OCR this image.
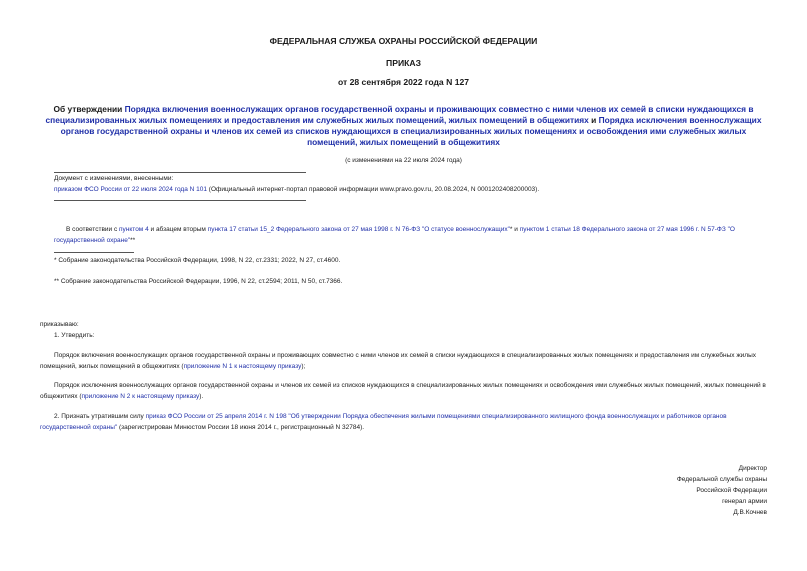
ФЕДЕРАЛЬНАЯ СЛУЖБА ОХРАНЫ РОССИЙСКОЙ ФЕДЕРАЦИИ
ПРИКАЗ
от 28 сентября 2022 года N 127
Об утверждении Порядка включения военнослужащих органов государственной охраны и проживающих совместно с ними членов их семей в списки нуждающихся в специализированных жилых помещениях и предоставления им служебных жилых помещений, жилых помещений в общежитиях и Порядка исключения военнослужащих органов государственной охраны и членов их семей из списков нуждающихся в специализированных жилых помещениях и освобождения ими служебных жилых помещений, жилых помещений в общежитиях
(с изменениями на 22 июля 2024 года)
Документ с изменениями, внесенными:
приказом ФСО России от 22 июля 2024 года N 101 (Официальный интернет-портал правовой информации www.pravo.gov.ru, 20.08.2024, N 0001202408200003).
В соответствии с пунктом 4 и абзацем вторым пункта 17 статьи 15_2 Федерального закона от 27 мая 1998 г. N 76-ФЗ "О статусе военнослужащих"* и пунктом 1 статьи 18 Федерального закона от 27 мая 1996 г. N 57-ФЗ "О государственной охране"**
* Собрание законодательства Российской Федерации, 1998, N 22, ст.2331; 2022, N 27, ст.4600.
** Собрание законодательства Российской Федерации, 1996, N 22, ст.2594; 2011, N 50, ст.7366.
приказываю:
1. Утвердить:
Порядок включения военнослужащих органов государственной охраны и проживающих совместно с ними членов их семей в списки нуждающихся в специализированных жилых помещениях и предоставления им служебных жилых помещений, жилых помещений в общежитиях (приложение N 1 к настоящему приказу);
Порядок исключения военнослужащих органов государственной охраны и членов их семей из списков нуждающихся в специализированных жилых помещениях и освобождения ими служебных жилых помещений, жилых помещений в общежитиях (приложение N 2 к настоящему приказу).
2. Признать утратившим силу приказ ФСО России от 25 апреля 2014 г. N 198 "Об утверждении Порядка обеспечения жилыми помещениями специализированного жилищного фонда военнослужащих и работников органов государственной охраны" (зарегистрирован Минюстом России 18 июня 2014 г., регистрационный N 32784).
Директор
Федеральной службы охраны
Российской Федерации
генерал армии
Д.В.Кочнев
